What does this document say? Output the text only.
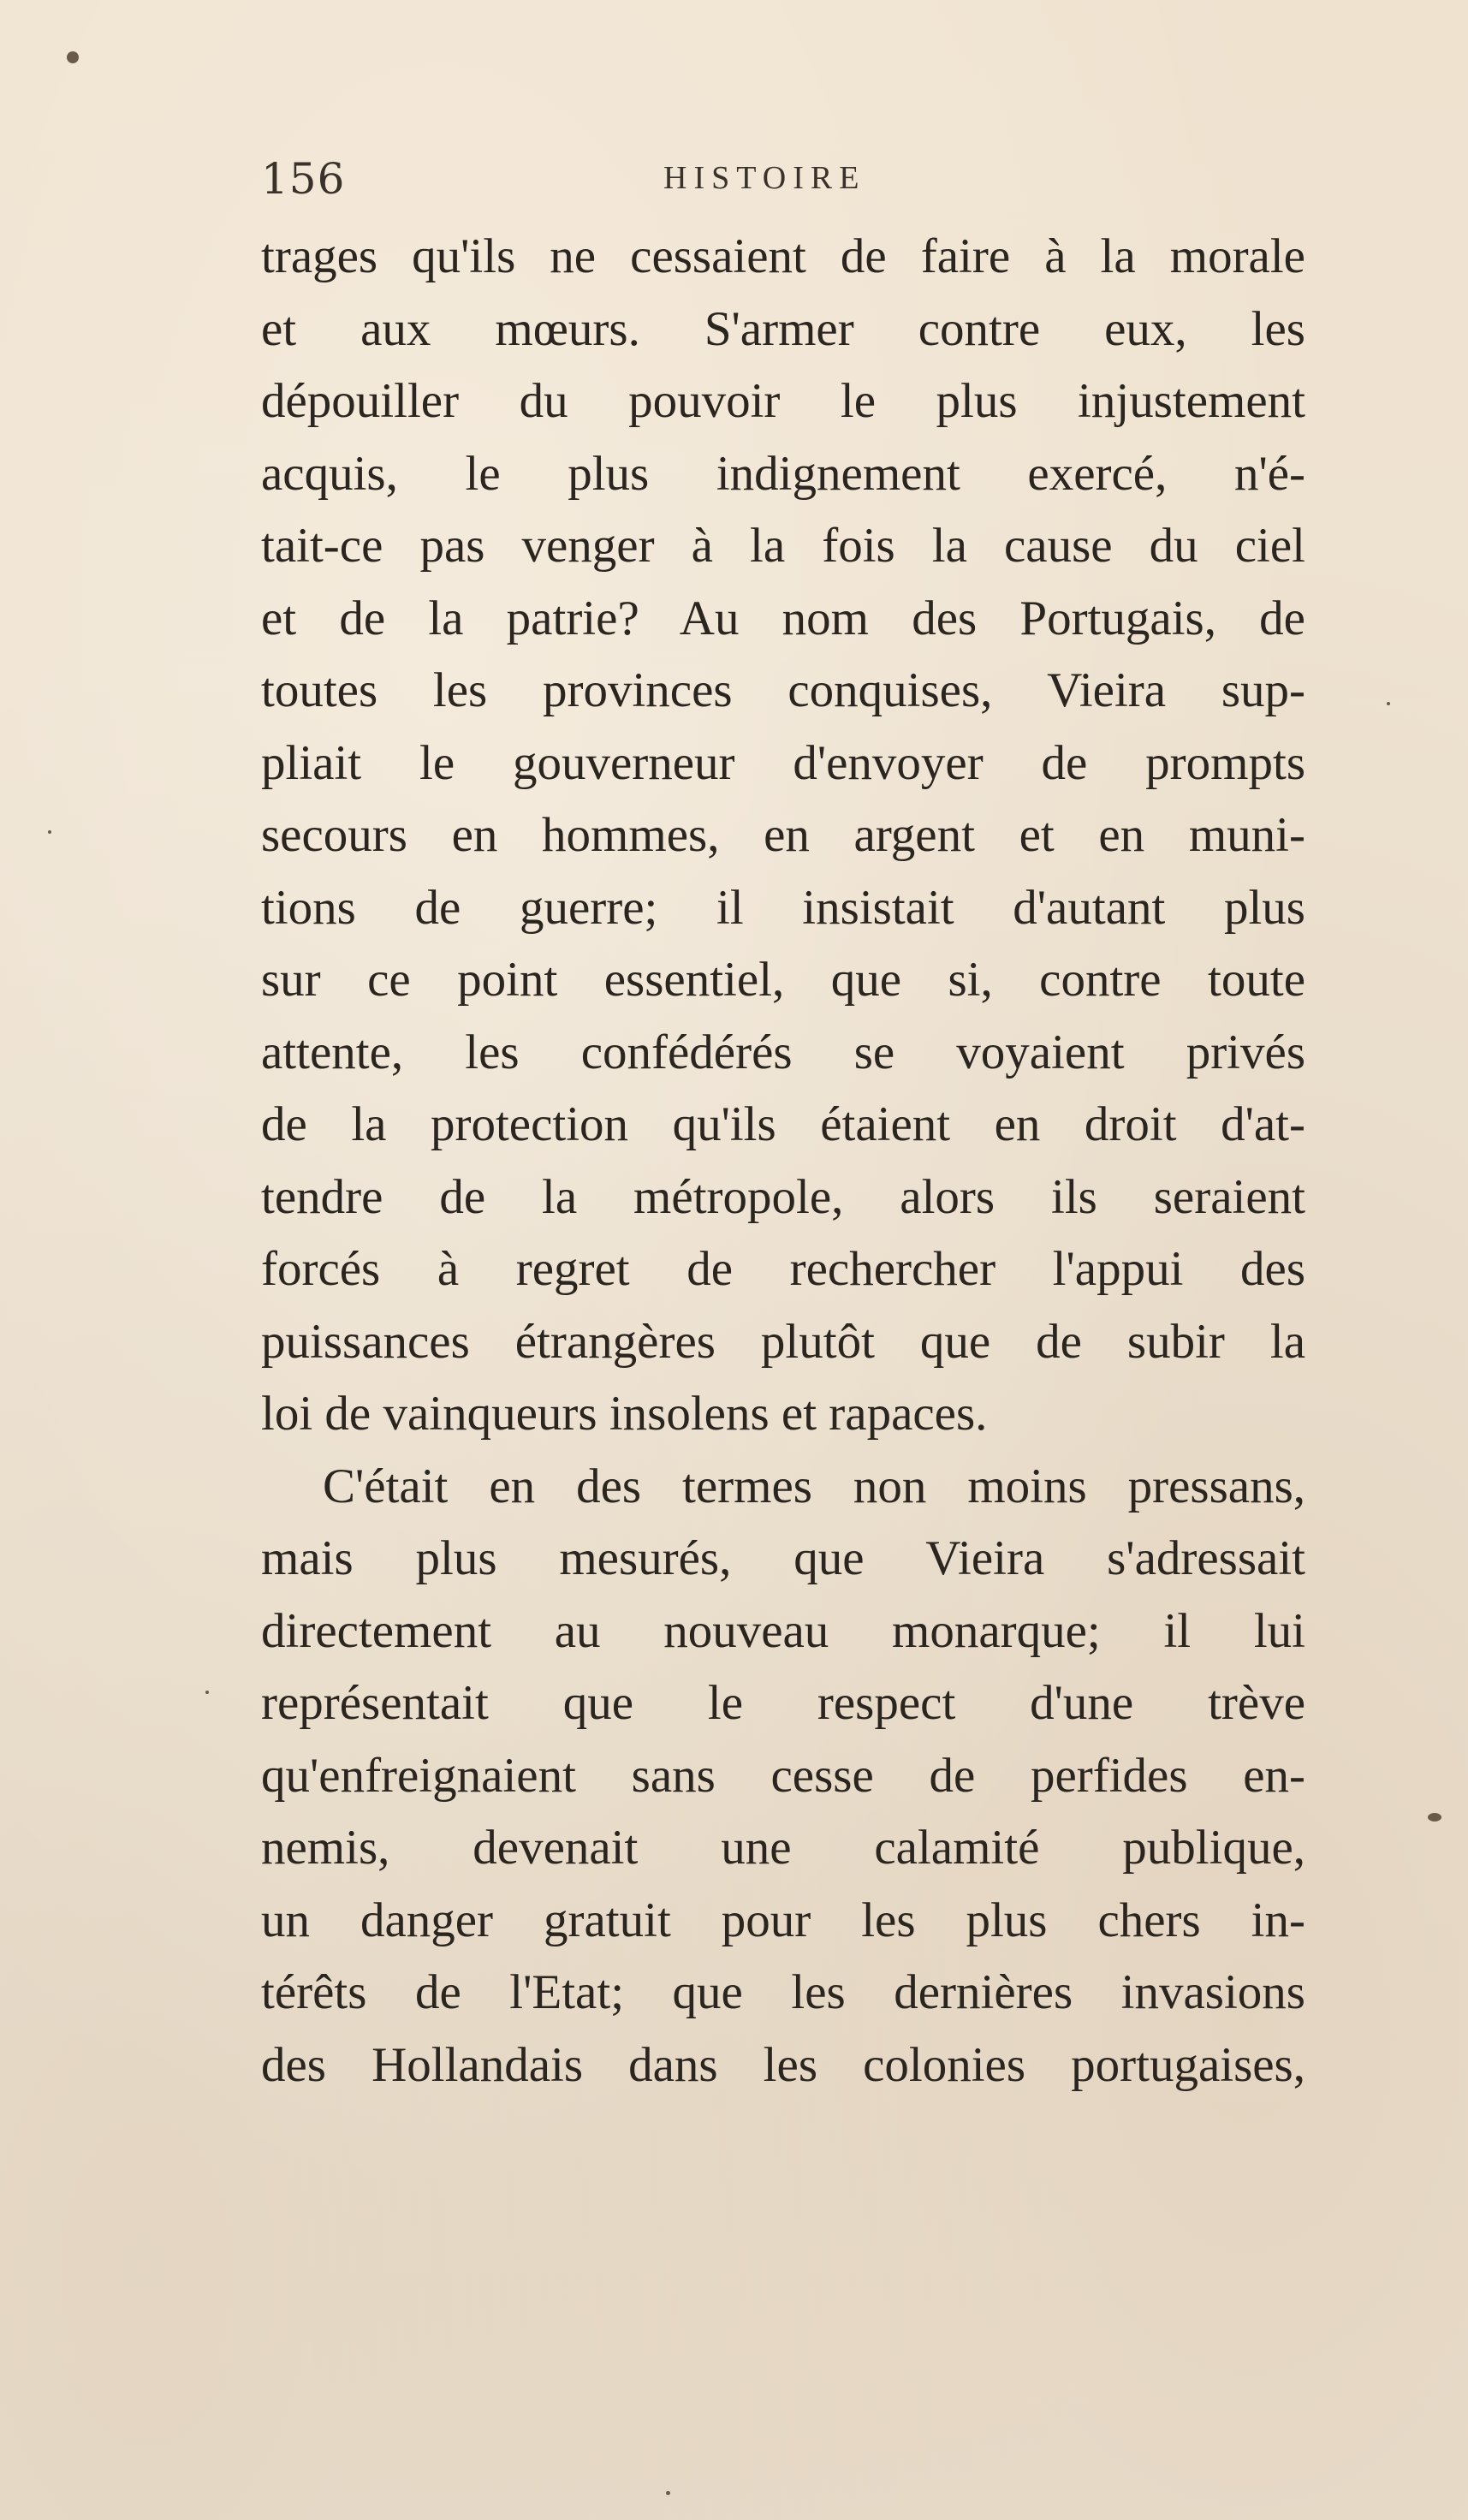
156	HISTOIRE
trages qu'ils ne cessaient de faire à la morale
et aux mœurs. S'armer contre eux, les
dépouiller du pouvoir le plus injustement
acquis, le plus indignement exercé, n'é-
tait-ce pas venger à la fois la cause du ciel
et de la patrie? Au nom des Portugais, de
toutes les provinces conquises, Vieira sup-
pliait le gouverneur d'envoyer de prompts
secours en hommes, en argent et en muni-
tions de guerre; il insistait d'autant plus
sur ce point essentiel, que si, contre toute
attente, les confédérés se voyaient privés
de la protection qu'ils étaient en droit d'at-
tendre de la métropole, alors ils seraient
forcés à regret de rechercher l'appui des
puissances étrangères plutôt que de subir la
loi de vainqueurs insolens et rapaces.
C'était en des termes non moins pressans,
mais plus mesurés, que Vieira s'adressait
directement au nouveau monarque; il lui
représentait que le respect d'une trève
qu'enfreignaient sans cesse de perfides en-
nemis, devenait une calamité publique,
un danger gratuit pour les plus chers in-
térêts de l'Etat; que les dernières invasions
des Hollandais dans les colonies portugaises,
